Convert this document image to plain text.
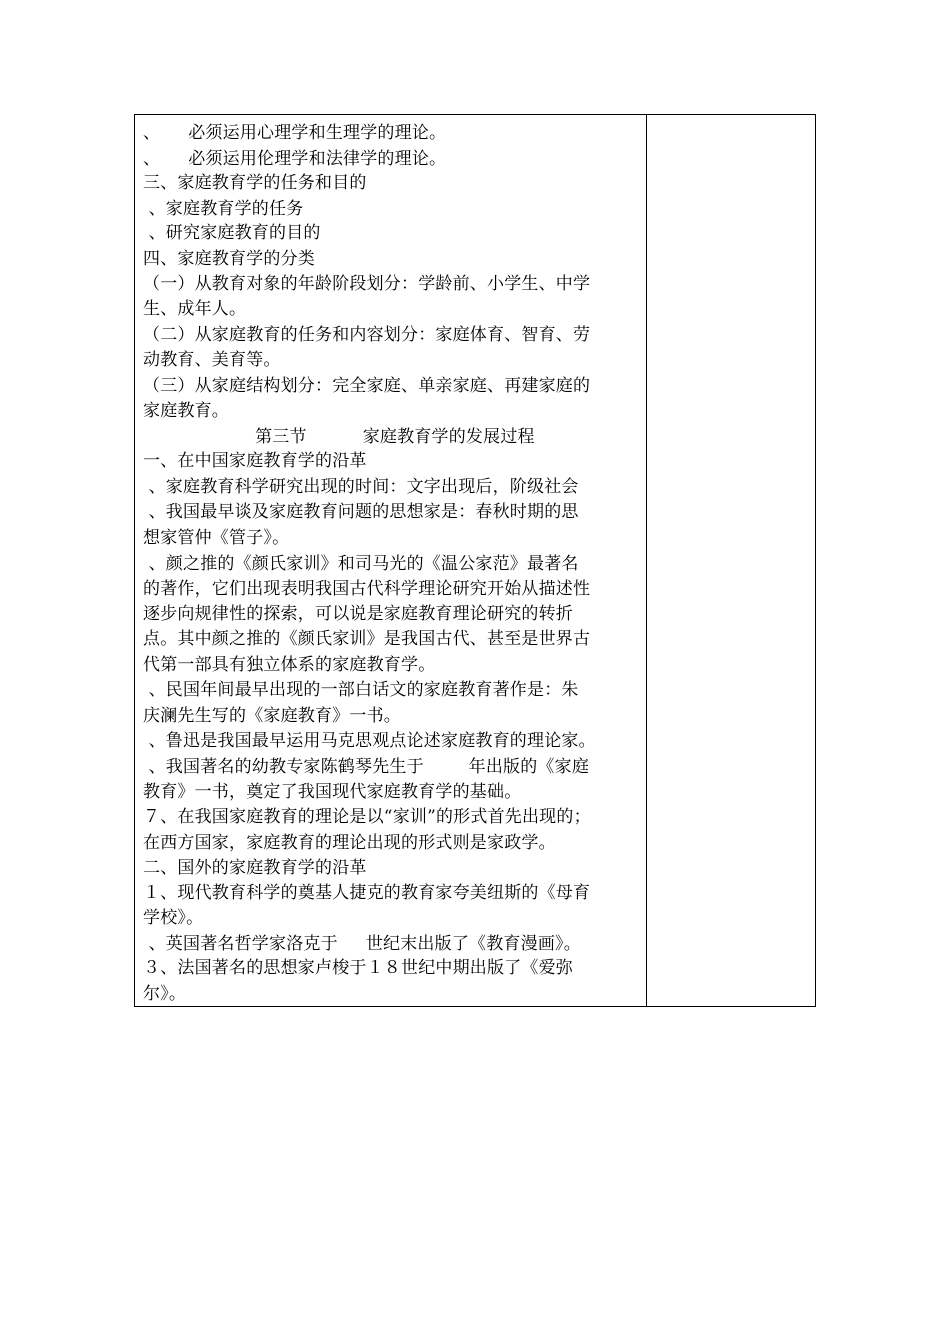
、     必须运用心理学和生理学的理论。
、     必须运用伦理学和法律学的理论。
三、家庭教育学的任务和目的
、家庭教育学的任务
、研究家庭教育的目的
四、家庭教育学的分类
（一）从教育对象的年龄阶段划分：学龄前、小学生、中学
生、成年人。
（二）从家庭教育的任务和内容划分：家庭体育、智育、劳
动教育、美育等。
（三）从家庭结构划分：完全家庭、单亲家庭、再建家庭的
家庭教育。
第三节          家庭教育学的发展过程
一、在中国家庭教育学的沿革
、家庭教育科学研究出现的时间：文字出现后，阶级社会
、我国最早谈及家庭教育问题的思想家是：春秋时期的思
想家管仲《管子》。
、颜之推的《颜氏家训》和司马光的《温公家范》最著名
的著作，它们出现表明我国古代科学理论研究开始从描述性
逐步向规律性的探索，可以说是家庭教育理论研究的转折
点。其中颜之推的《颜氏家训》是我国古代、甚至是世界古
代第一部具有独立体系的家庭教育学。
、民国年间最早出现的一部白话文的家庭教育著作是：朱
庆澜先生写的《家庭教育》一书。
、鲁迅是我国最早运用马克思观点论述家庭教育的理论家。
、我国著名的幼教专家陈鹤琴先生于        年出版的《家庭
教育》一书，奠定了我国现代家庭教育学的基础。
７、在我国家庭教育的理论是以“家训”的形式首先出现的；
在西方国家，家庭教育的理论出现的形式则是家政学。
二、国外的家庭教育学的沿革
１、现代教育科学的奠基人捷克的教育家夸美纽斯的《母育
学校》。
、英国著名哲学家洛克于     世纪末出版了《教育漫画》。
３、法国著名的思想家卢梭于１８世纪中期出版了《爱弥
尔》。
